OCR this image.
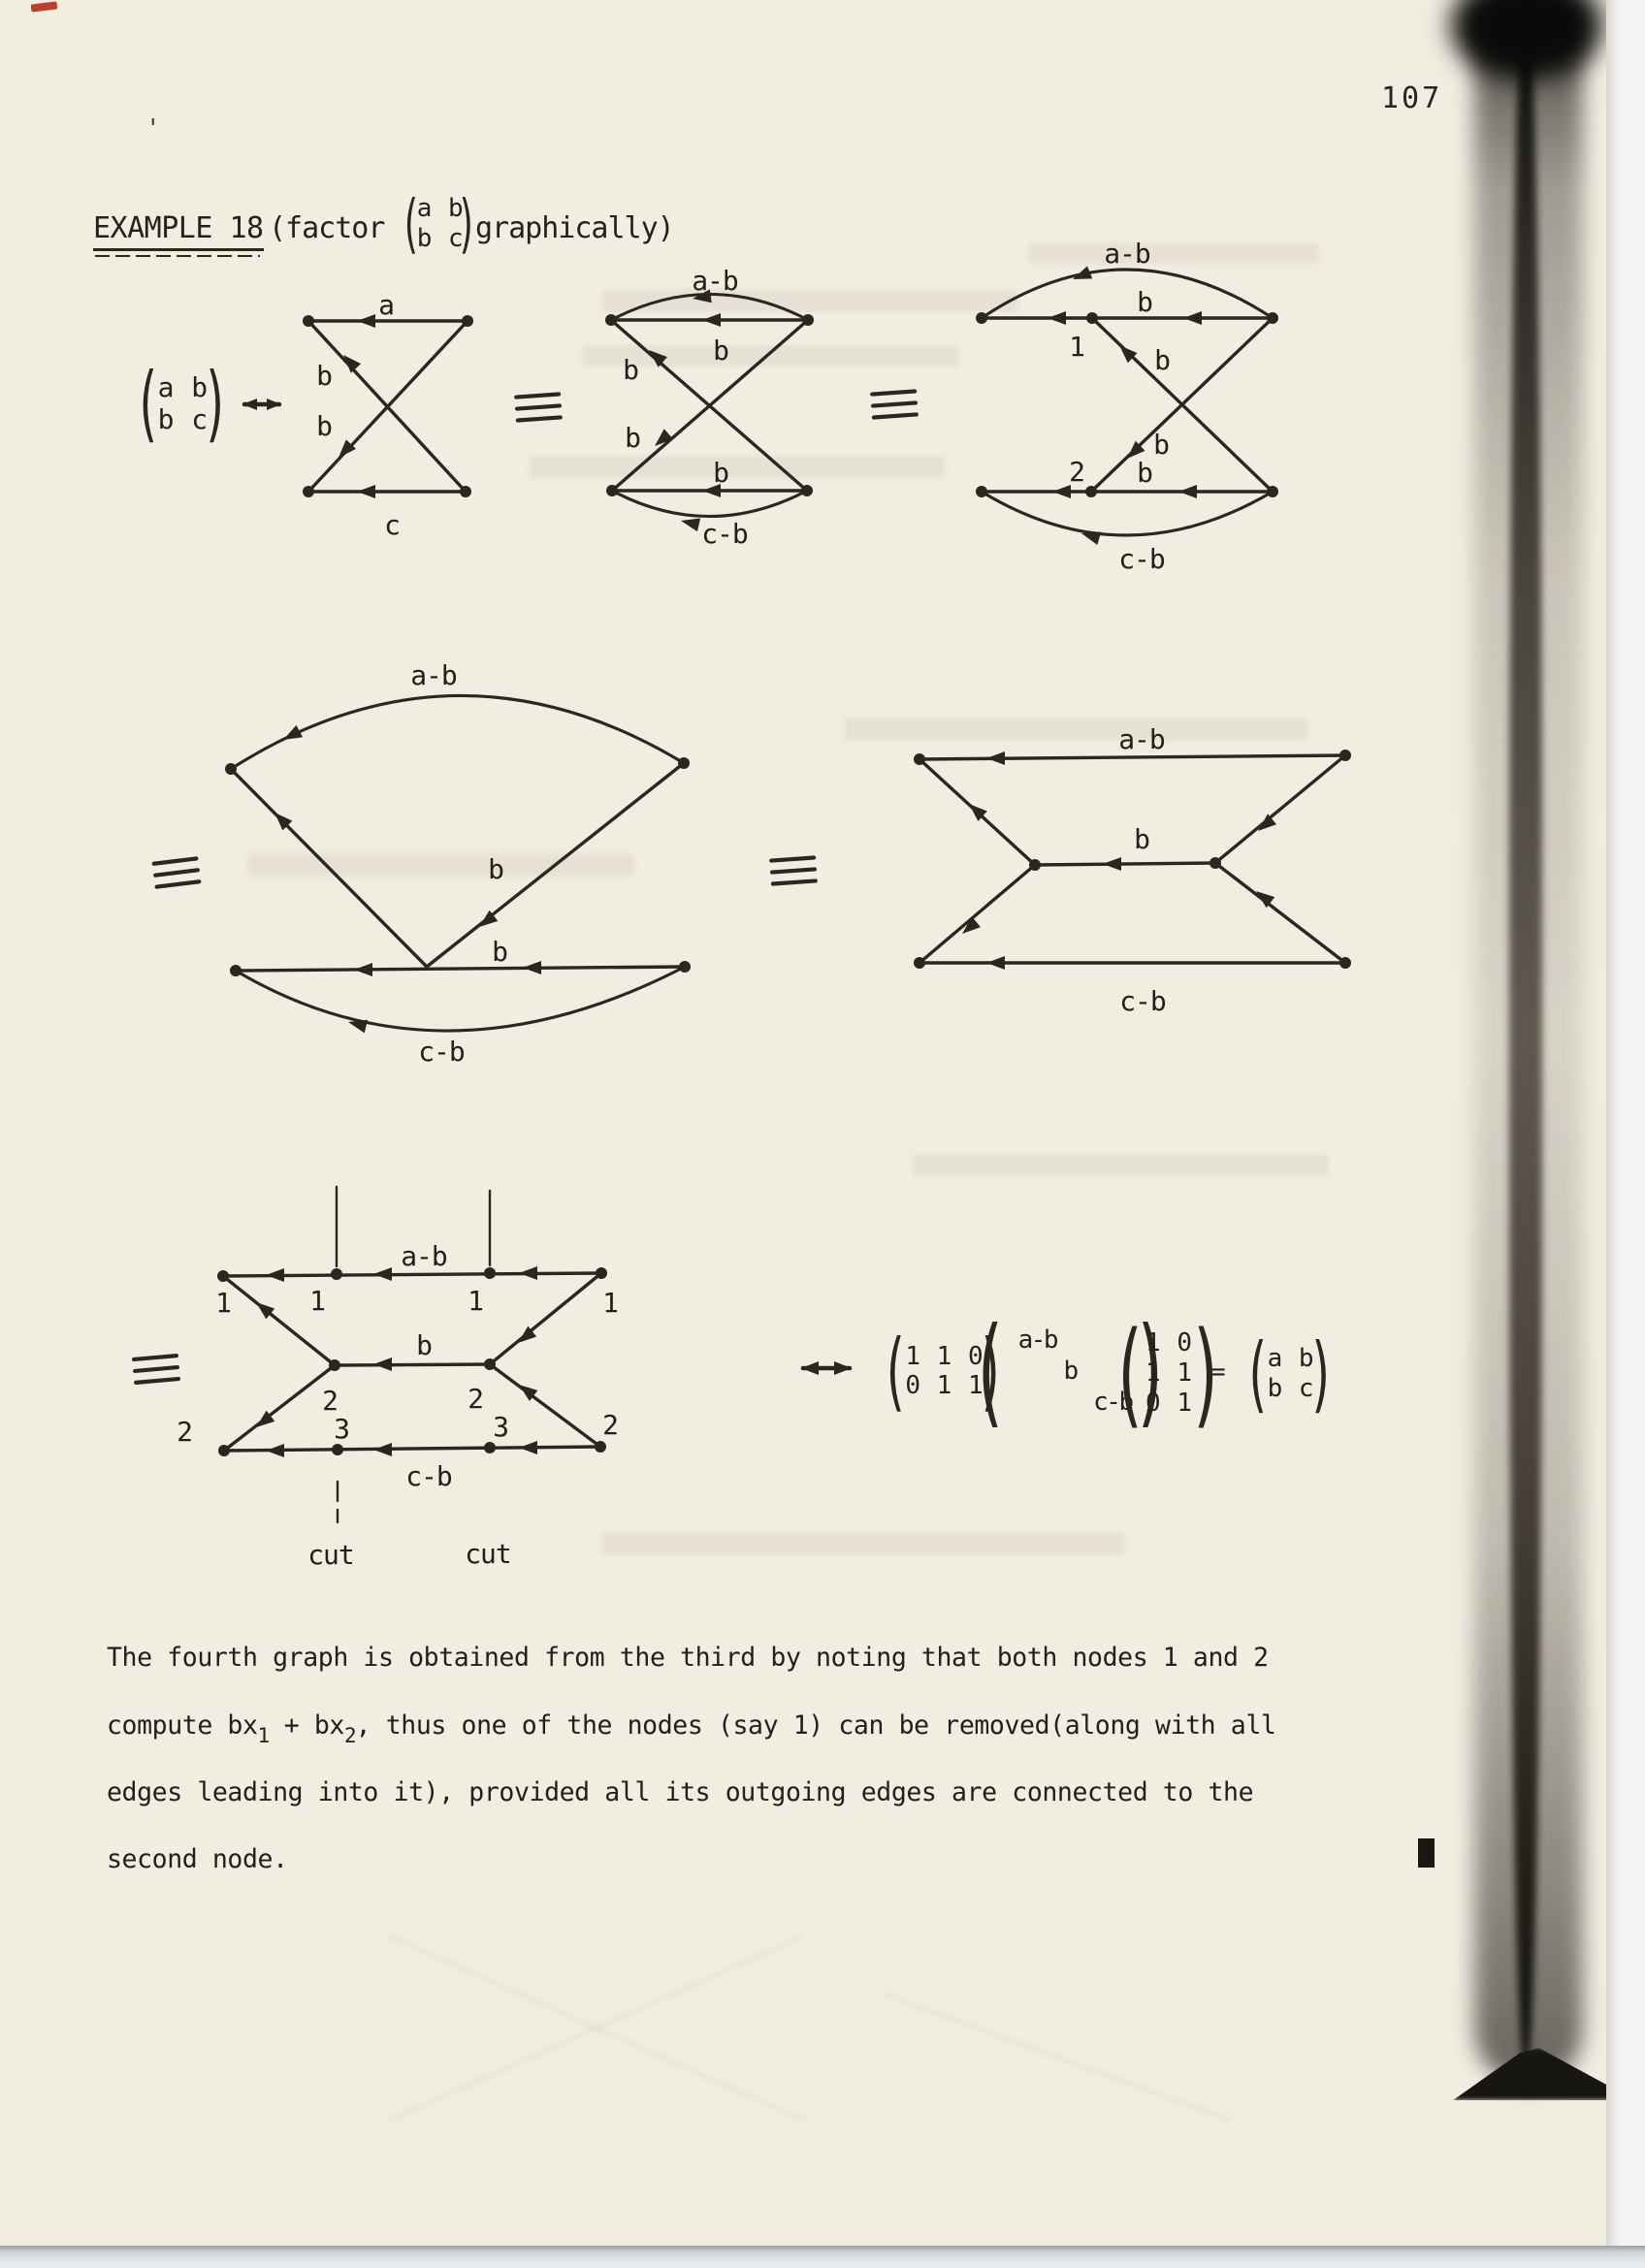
107
'
EXAMPLE 18 (factor
( a b
b c
) graphically)
( a b
b c
)
a
b
b
c
a-b
b
b
b
b
c-b
a-b
b
1	b
b
2 b
c-b
a-b
b
b
c-b
a-b
b
c-b
a-b
1	1	1	1
b
2	2
2	3	3	2
c-b
cut	cut
( 1 1 0
0 1 1
)
( a-b
b
c-b
)
( 1 0
1 1
0 1
)
= ( a b
b c
)
The fourth graph is obtained from the third by noting that both nodes 1 and 2
compute $bx_1 + bx_2$, thus one of the nodes (say 1) can be removed(along with all
edges leading into it), provided all its outgoing edges are connected to the
second node.
